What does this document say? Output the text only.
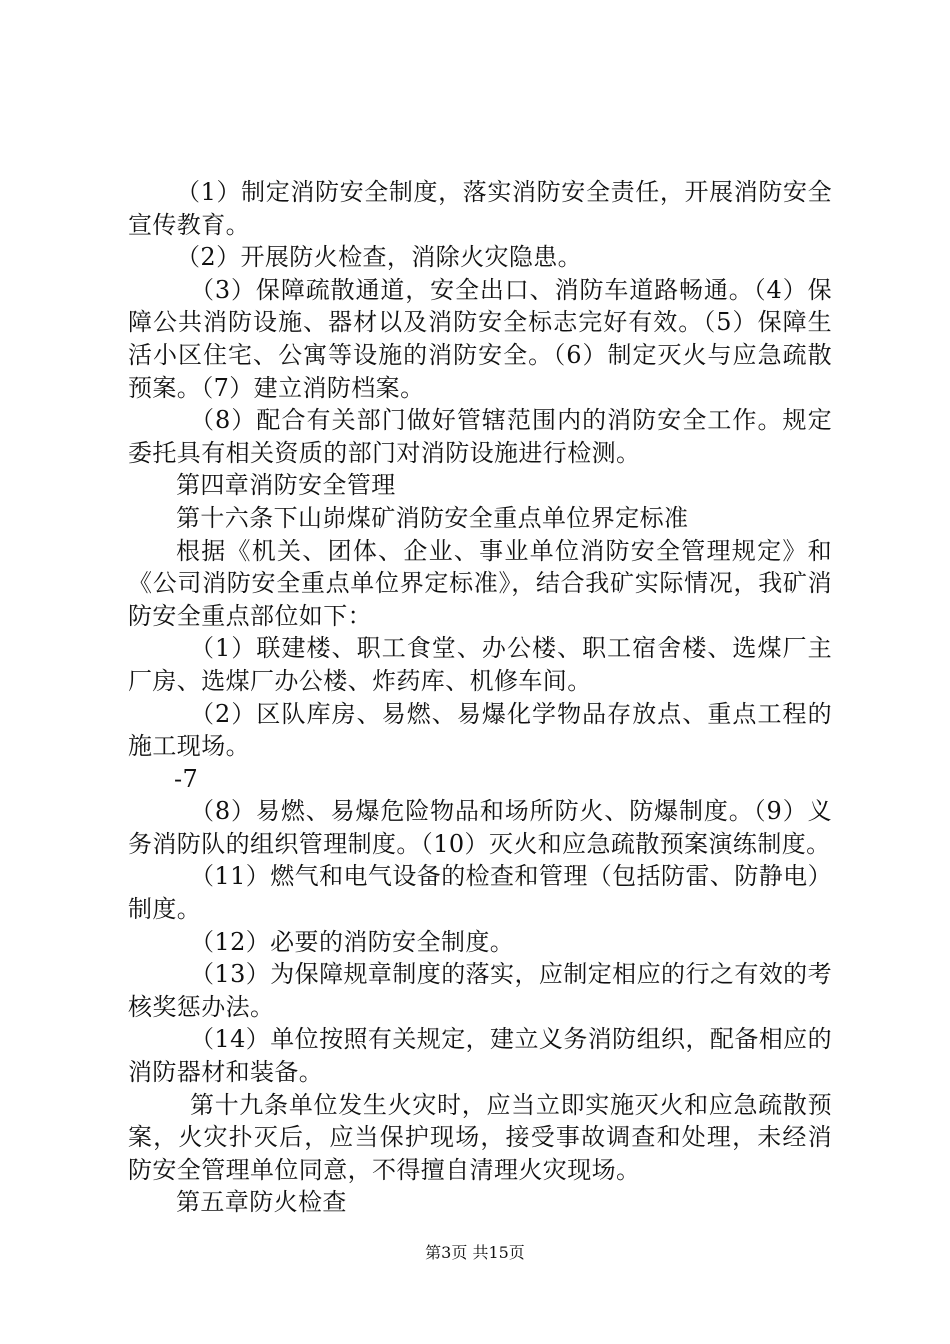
（1）制定消防安全制度，落实消防安全责任，开展消防安全宣传教育。

（2）开展防火检查，消除火灾隐患。

（3）保障疏散通道，安全出口、消防车道路畅通。（4）保障公共消防设施、器材以及消防安全标志完好有效。（5）保障生活小区住宅、公寓等设施的消防安全。（6）制定灭火与应急疏散预案。（7）建立消防档案。

（8）配合有关部门做好管辖范围内的消防安全工作。规定委托具有相关资质的部门对消防设施进行检测。

第四章消防安全管理

第十六条下山峁煤矿消防安全重点单位界定标准

根据《机关、团体、企业、事业单位消防安全管理规定》和《公司消防安全重点单位界定标准》，结合我矿实际情况，我矿消防安全重点部位如下：

（1）联建楼、职工食堂、办公楼、职工宿舍楼、选煤厂主厂房、选煤厂办公楼、炸药库、机修车间。

（2）区队库房、易燃、易爆化学物品存放点、重点工程的施工现场。

-7

（8）易燃、易爆危险物品和场所防火、防爆制度。（9）义务消防队的组织管理制度。（10）灭火和应急疏散预案演练制度。

（11）燃气和电气设备的检查和管理（包括防雷、防静电）制度。

（12）必要的消防安全制度。

（13）为保障规章制度的落实，应制定相应的行之有效的考核奖惩办法。

（14）单位按照有关规定，建立义务消防组织，配备相应的消防器材和装备。

第十九条单位发生火灾时，应当立即实施灭火和应急疏散预案，火灾扑灭后，应当保护现场，接受事故调查和处理，未经消防安全管理单位同意，不得擅自清理火灾现场。

第五章防火检查

第3页 共15页
